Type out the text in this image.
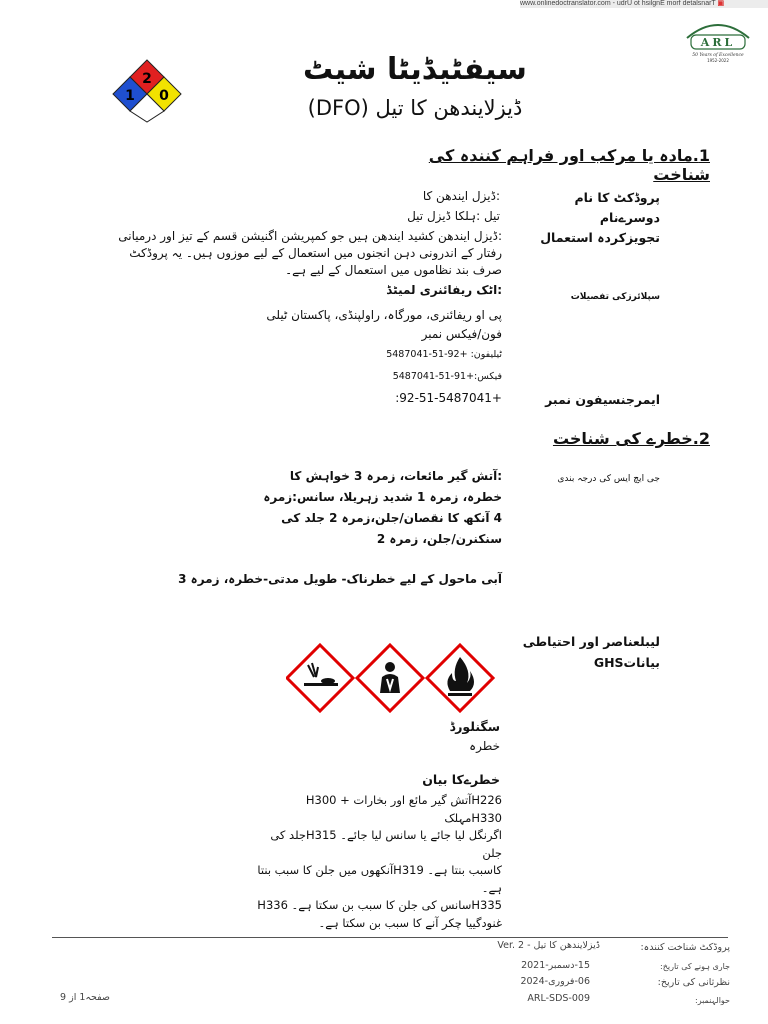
www.onlinedoctranslator.com - udrU ot hsilgnE morf detalsnarT ▣
2
1 0
ARL
50 Years of Excellence
1952-2022
سیفٹیڈیٹا شیٹ
ڈیزلایندھن کا تیل (DFO)
1.مادہ یا مرکب اور فراہم کنندہ کی شناخت
پروڈکٹ کا نام
:ڈیزل ایندھن کا
دوسرےنام
تیل :ہلکا ڈیزل تیل
تجویزکردہ استعمال
:ڈیزل ایندھن کشید ایندھن ہیں جو کمپریشن اگنیشن قسم کے تیز اور درمیانی رفتار کے اندرونی دہن انجنوں میں استعمال کے لیے موزوں ہیں۔ یہ پروڈکٹ صرف بند نظاموں میں استعمال کے لیے ہے۔
سپلائرزکی تفصیلات
:اٹک ریفائنری لمیٹڈ
پی او ریفائنری، مورگاہ، راولپنڈی، پاکستان ٹیلی
فون/فیکس نمبر
ٹیلیفون: +92-51-5487041
فیکس:+91-51-5487041
ایمرجنسیفون نمبر
:92-51-5487041+
2.خطرے کی شناخت
جی ایچ ایس کی درجہ بندی
:آتش گیر مائعات، زمرہ 3 خواہش کا
خطرہ، زمرہ 1 شدید زہریلا، سانس:زمرہ
4 آنکھ کا نقصان/جلن،زمرہ 2 جلد کی
سنکنرن/جلن، زمرہ 2
آبی ماحول کے لیے خطرناک- طویل مدتی-خطرہ، زمرہ 3
لیبلعناصر اور احتیاطی
بیاناتGHS
سگنلورڈ
خطرہ
خطرےکا بیان
H226آتش گیر مائع اور بخارات H300 + H330مہلک
اگرنگل لیا جائے یا سانس لیا جائے۔ H315جلد کی جلن
کاسبب بنتا ہے۔ H319آنکھوں میں جلن کا سبب بنتا ہے۔
H335سانس کی جلن کا سبب بن سکتا ہے۔ H336
غنودگییا چکر آنے کا سبب بن سکتا ہے۔
پروڈکٹ شناخت کنندہ:
ڈیزلایندھن کا تیل - Ver. 2
جاری ہونے کی تاریخ:
15-دسمبر-2021
نظرثانی کی تاریخ:
06-فروری-2024
حوالہنمبر:
ARL-SDS-009
صفحہ1 از 9
